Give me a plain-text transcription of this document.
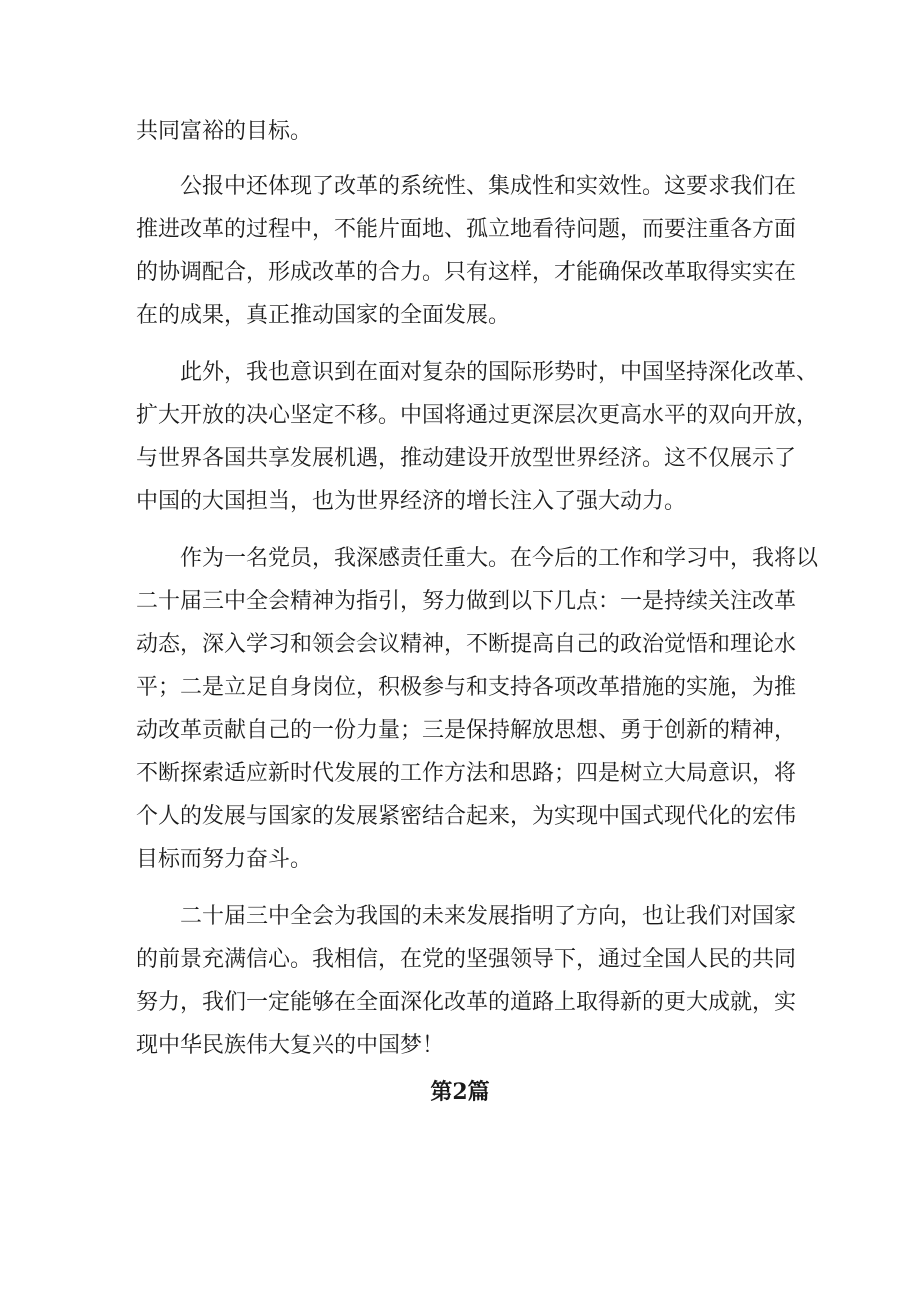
共同富裕的目标。
　　公报中还体现了改革的系统性、集成性和实效性。这要求我们在
推进改革的过程中，不能片面地、孤立地看待问题，而要注重各方面
的协调配合，形成改革的合力。只有这样，才能确保改革取得实实在
在的成果，真正推动国家的全面发展。
　　此外，我也意识到在面对复杂的国际形势时，中国坚持深化改革、
扩大开放的决心坚定不移。中国将通过更深层次更高水平的双向开放，
与世界各国共享发展机遇，推动建设开放型世界经济。这不仅展示了
中国的大国担当，也为世界经济的增长注入了强大动力。
　　作为一名党员，我深感责任重大。在今后的工作和学习中，我将以
二十届三中全会精神为指引，努力做到以下几点：一是持续关注改革
动态，深入学习和领会会议精神，不断提高自己的政治觉悟和理论水
平；二是立足自身岗位，积极参与和支持各项改革措施的实施，为推
动改革贡献自己的一份力量；三是保持解放思想、勇于创新的精神，
不断探索适应新时代发展的工作方法和思路；四是树立大局意识，将
个人的发展与国家的发展紧密结合起来，为实现中国式现代化的宏伟
目标而努力奋斗。
　　二十届三中全会为我国的未来发展指明了方向，也让我们对国家
的前景充满信心。我相信，在党的坚强领导下，通过全国人民的共同
努力，我们一定能够在全面深化改革的道路上取得新的更大成就，实
现中华民族伟大复兴的中国梦！
第2篇
